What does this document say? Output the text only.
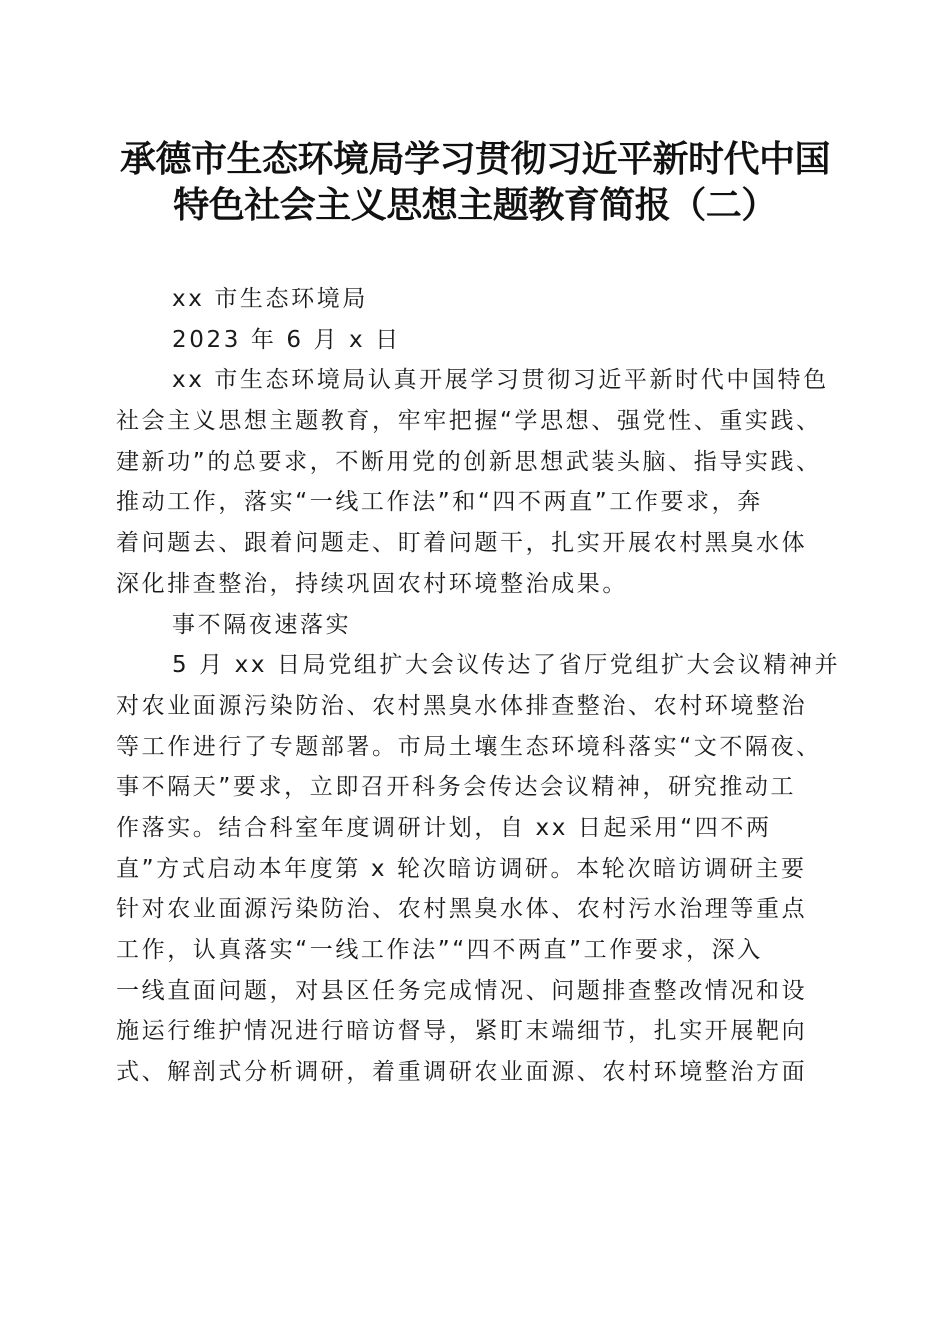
承德市生态环境局学习贯彻习近平新时代中国
特色社会主义思想主题教育简报（二）
xx 市生态环境局
2023 年 6 月 x 日
xx 市生态环境局认真开展学习贯彻习近平新时代中国特色
社会主义思想主题教育，牢牢把握“学思想、强党性、重实践、
建新功”的总要求，不断用党的创新思想武装头脑、指导实践、
推动工作，落实“一线工作法”和“四不两直”工作要求，奔
着问题去、跟着问题走、盯着问题干，扎实开展农村黑臭水体
深化排查整治，持续巩固农村环境整治成果。
事不隔夜速落实
5 月 xx 日局党组扩大会议传达了省厅党组扩大会议精神并
对农业面源污染防治、农村黑臭水体排查整治、农村环境整治
等工作进行了专题部署。市局土壤生态环境科落实“文不隔夜、
事不隔天”要求，立即召开科务会传达会议精神，研究推动工
作落实。结合科室年度调研计划，自 xx 日起采用“四不两
直”方式启动本年度第 x 轮次暗访调研。本轮次暗访调研主要
针对农业面源污染防治、农村黑臭水体、农村污水治理等重点
工作，认真落实“一线工作法”“四不两直”工作要求，深入
一线直面问题，对县区任务完成情况、问题排查整改情况和设
施运行维护情况进行暗访督导，紧盯末端细节，扎实开展靶向
式、解剖式分析调研，着重调研农业面源、农村环境整治方面
